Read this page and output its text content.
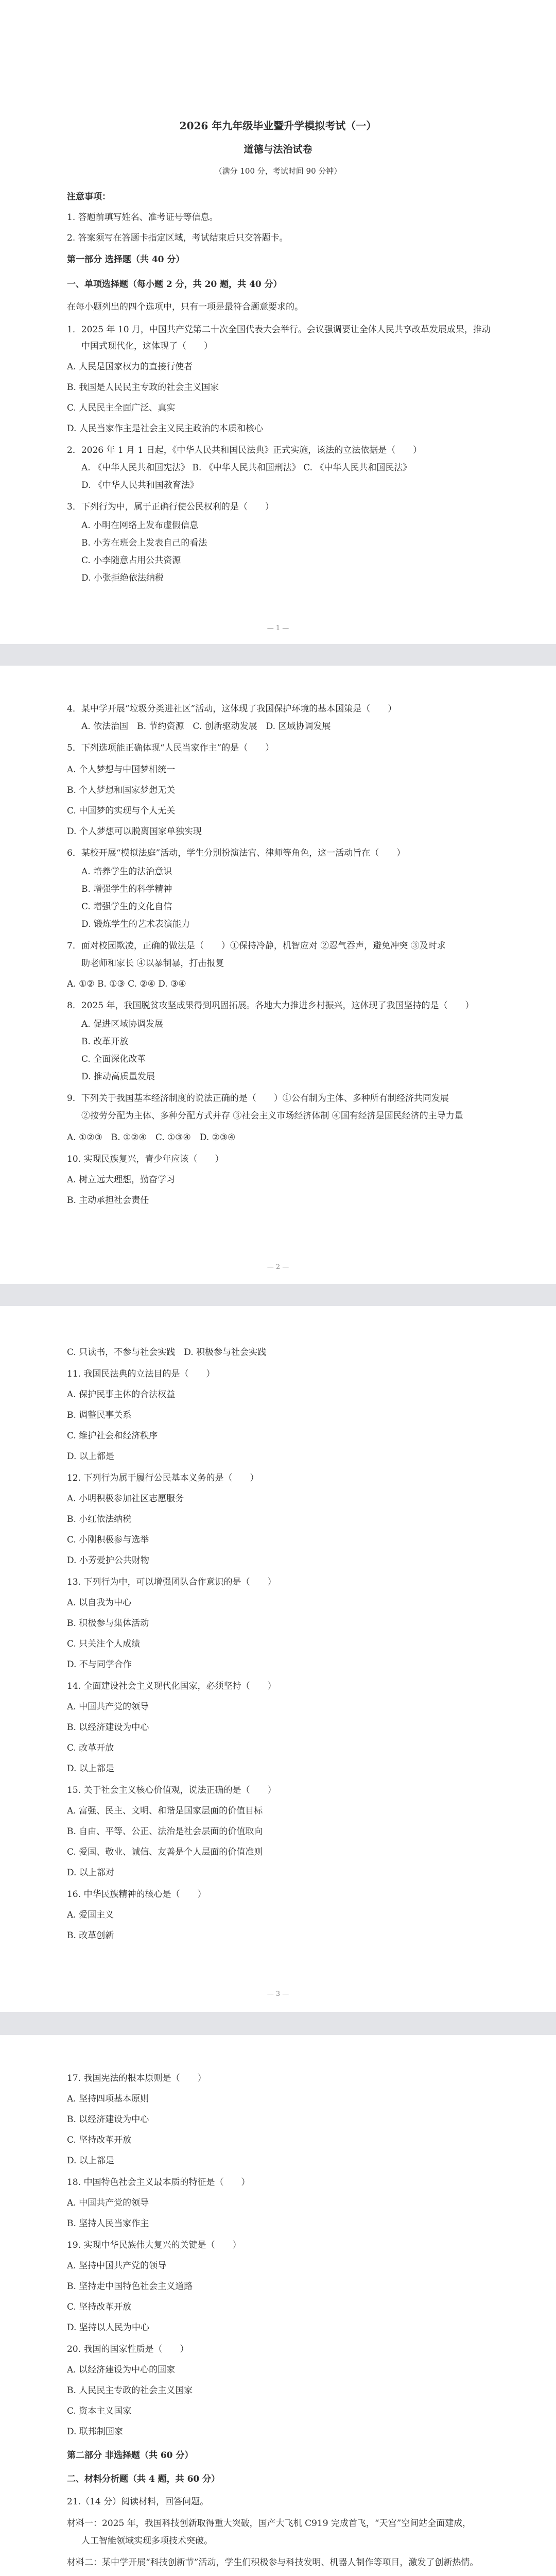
2026 年九年级毕业暨升学模拟考试（一）
道德与法治试卷
（满分 100 分，考试时间 90 分钟）
注意事项：
1. 答题前填写姓名、准考证号等信息。
2. 答案须写在答题卡指定区域，考试结束后只交答题卡。
第一部分 选择题（共 40 分）
一、单项选择题（每小题 2 分，共 20 题，共 40 分）
在每小题列出的四个选项中，只有一项是最符合题意要求的。
1．2025 年 10 月，中国共产党第二十次全国代表大会举行。会议强调要让全体人民共享改革发展成果，推动
中国式现代化，这体现了（　　）
A. 人民是国家权力的直接行使者
B. 我国是人民民主专政的社会主义国家
C. 人民民主全面广泛、真实
D. 人民当家作主是社会主义民主政治的本质和核心
2．2026 年 1 月 1 日起，《中华人民共和国民法典》正式实施，该法的立法依据是（　　）
A. 《中华人民共和国宪法》 B. 《中华人民共和国刑法》 C. 《中华人民共和国民法》
D. 《中华人民共和国教育法》
3．下列行为中，属于正确行使公民权利的是（　　）
A. 小明在网络上发布虚假信息
B. 小芳在班会上发表自己的看法
C. 小李随意占用公共资源
D. 小张拒绝依法纳税
— 1 —
4．某中学开展“垃圾分类进社区”活动，这体现了我国保护环境的基本国策是（　　）
A. 依法治国　B. 节约资源　C. 创新驱动发展　D. 区域协调发展
5．下列选项能正确体现“人民当家作主”的是（　　）
A. 个人梦想与中国梦相统一
B. 个人梦想和国家梦想无关
C. 中国梦的实现与个人无关
D. 个人梦想可以脱离国家单独实现
6．某校开展“模拟法庭”活动，学生分别扮演法官、律师等角色，这一活动旨在（　　）
A. 培养学生的法治意识
B. 增强学生的科学精神
C. 增强学生的文化自信
D. 锻炼学生的艺术表演能力
7．面对校园欺凌，正确的做法是（　　）①保持冷静，机智应对 ②忍气吞声，避免冲突 ③及时求
助老师和家长 ④以暴制暴，打击报复
A. ①② B. ①③ C. ②④ D. ③④
8．2025 年，我国脱贫攻坚成果得到巩固拓展。各地大力推进乡村振兴，这体现了我国坚持的是（　　）
A. 促进区域协调发展
B. 改革开放
C. 全面深化改革
D. 推动高质量发展
9．下列关于我国基本经济制度的说法正确的是（　　）①公有制为主体、多种所有制经济共同发展
②按劳分配为主体、多种分配方式并存 ③社会主义市场经济体制 ④国有经济是国民经济的主导力量
A. ①②③　B. ①②④　C. ①③④　D. ②③④
10. 实现民族复兴，青少年应该（　　）
A. 树立远大理想，勤奋学习
B. 主动承担社会责任
— 2 —
C. 只读书，不参与社会实践　D. 积极参与社会实践
11. 我国民法典的立法目的是（　　）
A. 保护民事主体的合法权益
B. 调整民事关系
C. 维护社会和经济秩序
D. 以上都是
12. 下列行为属于履行公民基本义务的是（　　）
A. 小明积极参加社区志愿服务
B. 小红依法纳税
C. 小刚积极参与选举
D. 小芳爱护公共财物
13. 下列行为中，可以增强团队合作意识的是（　　）
A. 以自我为中心
B. 积极参与集体活动
C. 只关注个人成绩
D. 不与同学合作
14. 全面建设社会主义现代化国家，必须坚持（　　）
A. 中国共产党的领导
B. 以经济建设为中心
C. 改革开放
D. 以上都是
15. 关于社会主义核心价值观，说法正确的是（　　）
A. 富强、民主、文明、和谐是国家层面的价值目标
B. 自由、平等、公正、法治是社会层面的价值取向
C. 爱国、敬业、诚信、友善是个人层面的价值准则
D. 以上都对
16. 中华民族精神的核心是（　　）
A. 爱国主义
B. 改革创新
— 3 —
17. 我国宪法的根本原则是（　　）
A. 坚持四项基本原则
B. 以经济建设为中心
C. 坚持改革开放
D. 以上都是
18. 中国特色社会主义最本质的特征是（　　）
A. 中国共产党的领导
B. 坚持人民当家作主
19. 实现中华民族伟大复兴的关键是（　　）
A. 坚持中国共产党的领导
B. 坚持走中国特色社会主义道路
C. 坚持改革开放
D. 坚持以人民为中心
20. 我国的国家性质是（　　）
A. 以经济建设为中心的国家
B. 人民民主专政的社会主义国家
C. 资本主义国家
D. 联邦制国家
第二部分 非选择题（共 60 分）
二、材料分析题（共 4 题，共 60 分）
21.（14 分）阅读材料，回答问题。
材料一：2025 年，我国科技创新取得重大突破，国产大飞机 C919 完成首飞，“天宫”空间站全面建成，
人工智能领域实现多项技术突破。
材料二：某中学开展“科技创新节”活动，学生们积极参与科技发明、机器人制作等项目，激发了创新热情。
